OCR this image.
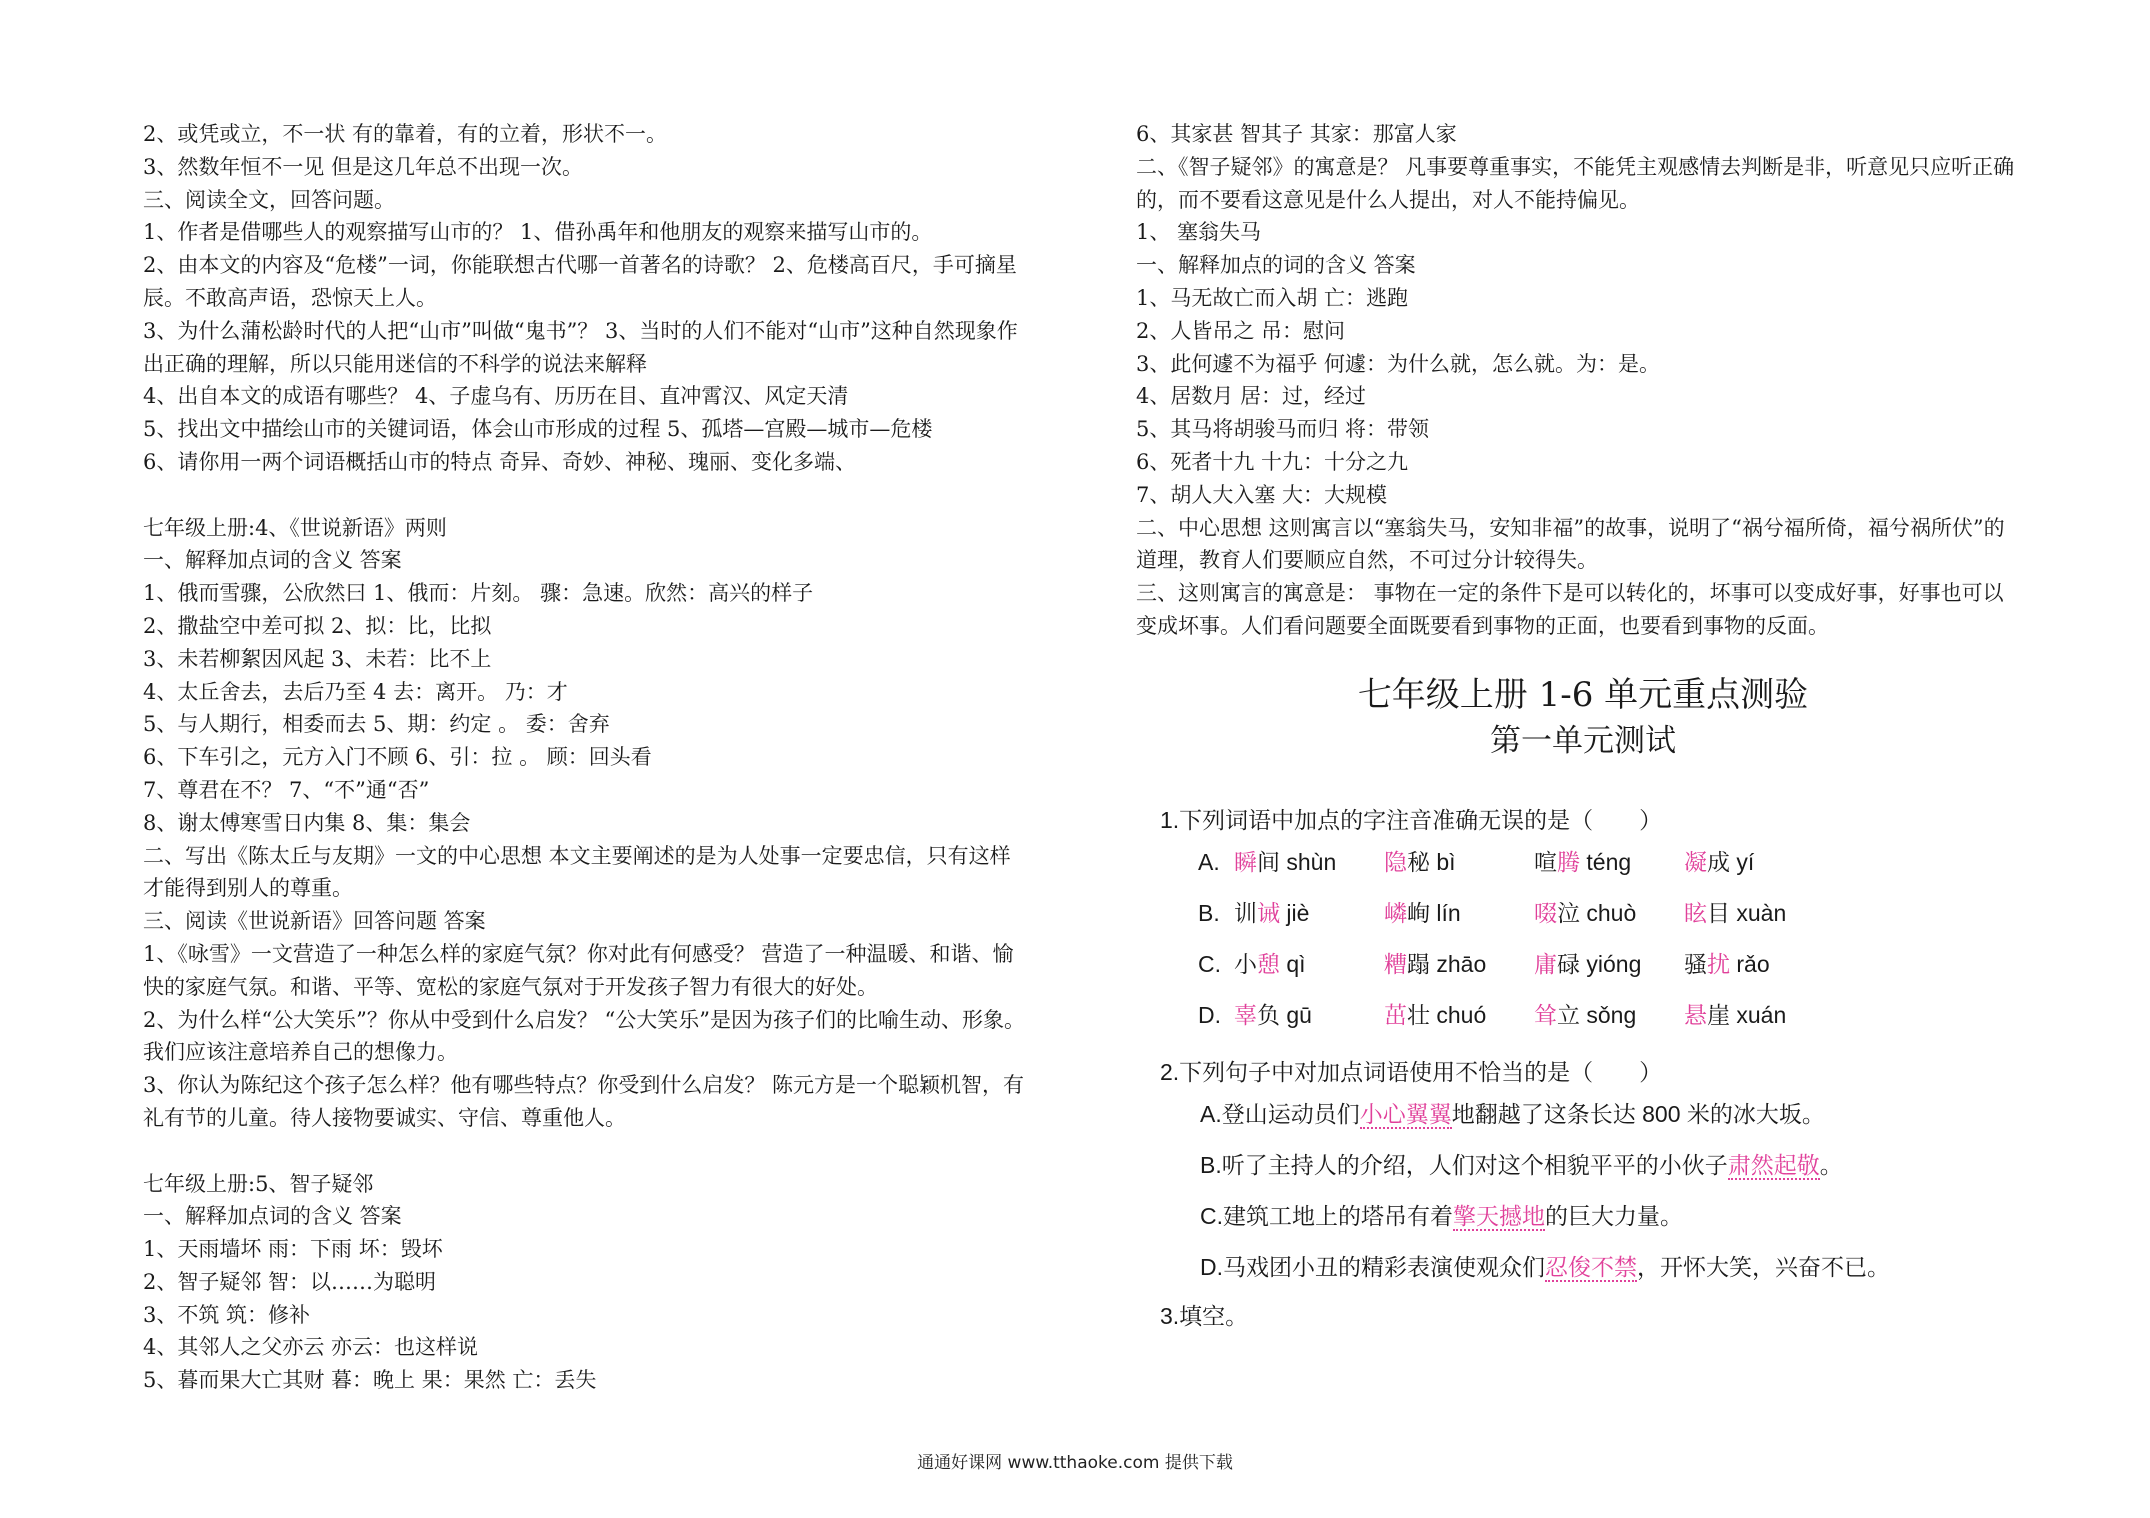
2、或凭或立，不一状 有的靠着，有的立着，形状不一。
3、然数年恒不一见 但是这几年总不出现一次。
三、阅读全文，回答问题。
1、作者是借哪些人的观察描写山市的？ 1、借孙禹年和他朋友的观察来描写山市的。
2、由本文的内容及“危楼”一词，你能联想古代哪一首著名的诗歌？ 2、危楼高百尺，手可摘星
辰。不敢高声语，恐惊天上人。
3、为什么蒲松龄时代的人把“山市”叫做“鬼书”？ 3、当时的人们不能对“山市”这种自然现象作
出正确的理解，所以只能用迷信的不科学的说法来解释
4、出自本文的成语有哪些？ 4、子虚乌有、历历在目、直冲霄汉、风定天清
5、找出文中描绘山市的关键词语，体会山市形成的过程 5、孤塔—宫殿—城市—危楼
6、请你用一两个词语概括山市的特点 奇异、奇妙、神秘、瑰丽、变化多端、
七年级上册:4、《世说新语》两则
一、解释加点词的含义 答案
1、俄而雪骤，公欣然曰 1、俄而：片刻。 骤：急速。欣然：高兴的样子
2、撒盐空中差可拟 2、拟：比，比拟
3、未若柳絮因风起 3、未若：比不上
4、太丘舍去，去后乃至 4 去：离开。 乃：才
5、与人期行，相委而去 5、期：约定 。 委：舍弃
6、下车引之，元方入门不顾 6、引：拉 。 顾：回头看
7、尊君在不？ 7、“不”通“否”
8、谢太傅寒雪日内集 8、集：集会
二、写出《陈太丘与友期》一文的中心思想 本文主要阐述的是为人处事一定要忠信，只有这样
才能得到别人的尊重。
三、阅读《世说新语》回答问题 答案
1、《咏雪》一文营造了一种怎么样的家庭气氛？你对此有何感受？ 营造了一种温暖、和谐、愉
快的家庭气氛。和谐、平等、宽松的家庭气氛对于开发孩子智力有很大的好处。
2、为什么样“公大笑乐”？你从中受到什么启发？ “公大笑乐”是因为孩子们的比喻生动、形象。
我们应该注意培养自己的想像力。
3、你认为陈纪这个孩子怎么样？他有哪些特点？你受到什么启发？ 陈元方是一个聪颖机智，有
礼有节的儿童。待人接物要诚实、守信、尊重他人。
七年级上册:5、智子疑邻
一、解释加点词的含义 答案
1、天雨墙坏 雨：下雨 坏：毁坏
2、智子疑邻 智：以……为聪明
3、不筑 筑：修补
4、其邻人之父亦云 亦云：也这样说
5、暮而果大亡其财 暮：晚上 果：果然 亡：丢失
6、其家甚 智其子 其家：那富人家
二、《智子疑邻》的寓意是？ 凡事要尊重事实，不能凭主观感情去判断是非，听意见只应听正确
的，而不要看这意见是什么人提出，对人不能持偏见。
1、 塞翁失马
一、解释加点的词的含义 答案
1、马无故亡而入胡 亡：逃跑
2、人皆吊之 吊：慰问
3、此何遽不为福乎 何遽：为什么就，怎么就。为：是。
4、居数月 居：过，经过
5、其马将胡骏马而归 将：带领
6、死者十九 十九：十分之九
7、胡人大入塞 大：大规模
二、中心思想 这则寓言以“塞翁失马，安知非福”的故事，说明了“祸兮福所倚，福兮祸所伏”的
道理，教育人们要顺应自然，不可过分计较得失。
三、这则寓言的寓意是： 事物在一定的条件下是可以转化的，坏事可以变成好事，好事也可以
变成坏事。人们看问题要全面既要看到事物的正面，也要看到事物的反面。
七年级上册 1-6 单元重点测验
第一单元测试
1.下列词语中加点的字注音准确无误的是（　　）
A. 瞬间 shùn 隐秘 bì	喧腾 téng 凝成 yí
B. 训诫 jiè	嶙峋 lín	啜泣 chuò 眩目 xuàn
C. 小憩 qì	糟蹋 zhāo 庸碌 yióng 骚扰 rǎo
D. 辜负 gū	茁壮 chuó 耸立 sǒng 悬崖 xuán
2.下列句子中对加点词语使用不恰当的是（　　）
A.登山运动员们小心翼翼地翻越了这条长达 800 米的冰大坂。
B.听了主持人的介绍，人们对这个相貌平平的小伙子肃然起敬。
C.建筑工地上的塔吊有着擎天撼地的巨大力量。
D.马戏团小丑的精彩表演使观众们忍俊不禁，开怀大笑，兴奋不已。
3.填空。
通通好课网 www.tthaoke.com 提供下载
